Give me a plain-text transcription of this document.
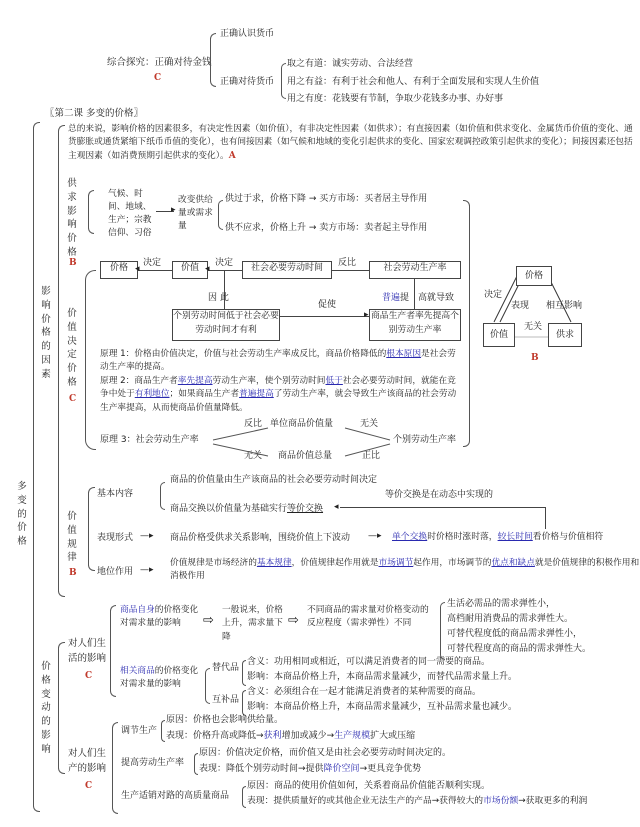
综合探究：正确对待金钱
C
正确认识货币
正确对待货币
取之有道：诚实劳动、合法经营
用之有益：有利于社会和他人、有利于全面发展和实现人生价值
用之有度：花钱要有节制，争取少花钱多办事、办好事
〖第二课 多变的价格〗
多变的价格
影响价格的因素
总的来说，影响价格的因素很多，有决定性因素（如价值），有非决定性因素（如供求）；有直接因素（如价值和供求变化、金属货币价值的变化、通货膨胀或通货紧缩下纸币币值的变化），也有间接因素（如气候和地域的变化引起供求的变化、国家宏观调控政策引起供求的变化）；间接因素还包括主观因素（如消费预期引起供求的变化）。A
供求影响价格
B
气候、时间、地域、生产；宗教信仰、习俗
▸
改变供给量或需求量
供过于求，价格下降 → 买方市场：买者居主导作用
供不应求，价格上升 → 卖方市场：卖者起主导作用
价值决定价格
C
价格	决定
◂	价值	决定
◂	社会必要劳动时间	反比	社会劳动生产率
因 此
个别劳动时间低于社会必要劳动时间才有利
促使
▸ 商品生产者率先提高个别劳动生产率
普遍提 高就导致
原理 1：价格由价值决定，价值与社会劳动生产率成反比，商品价格降低的根本原因是社会劳动生产率的提高。
原理 2：商品生产者率先提高劳动生产率，使个别劳动时间低于社会必要劳动时间，就能在竞争中处于有利地位；如果商品生产者普遍提高了劳动生产率，就会导致生产该商品的社会劳动生产率提高，从而使商品价值量降低。
反比 单位商品价值量	无关
原理 3：社会劳动生产率	个别劳动生产率
无关 商品价值总量	正比
价格
价值	供求
决定
表现 相互影响
无关
B
价值规律
B
基本内容
商品的价值量由生产该商品的社会必要劳动时间决定
等价交换是在动态中实现的
商品交换以价值量为基础实行等价交换 ◂
表现形式 —▸ 商品价格受供求关系影响，围绕价值上下波动 —▸ 单个交换时价格时涨时落，较长时间看价格与价值相符
地位作用 —▸
价值规律是市场经济的基本规律，价值规律起作用就是市场调节起作用，市场调节的优点和缺点就是价值规律的积极作用和消极作用
价格变动的影响
对人们生活的影响
C
商品自身的价格变化对需求量的影响	⇨
一般说来，价格上升，需求量下降
⇨
不同商品的需求量对价格变动的反应程度（需求弹性）不同
生活必需品的需求弹性小，
高档耐用消费品的需求弹性大。
可替代程度低的商品需求弹性小，
可替代程度高的商品的需求弹性大。
相关商品的价格变化对需求量的影响
替代品
含义：功用相同或相近，可以满足消费者的同一需要的商品。
影响：本商品价格上升，本商品需求量减少，而替代品需求量上升。
互补品
含义：必须组合在一起才能满足消费者的某种需要的商品。
影响：本商品价格上升，本商品需求量减少，互补品需求量也减少。
对人们生产的影响
C
调节生产
原因：价格也会影响供给量。
表现：价格升高或降低→获利增加或减少→生产规模扩大或压缩
提高劳动生产率
原因：价值决定价格，而价值又是由社会必要劳动时间决定的。
表现：降低个别劳动时间→提供降价空间→更具竞争优势
生产适销对路的高质量商品
原因：商品的使用价值如何，关系着商品价值能否顺利实现。
表现：提供质量好的或其他企业无法生产的产品→获得较大的市场份额→获取更多的利润
